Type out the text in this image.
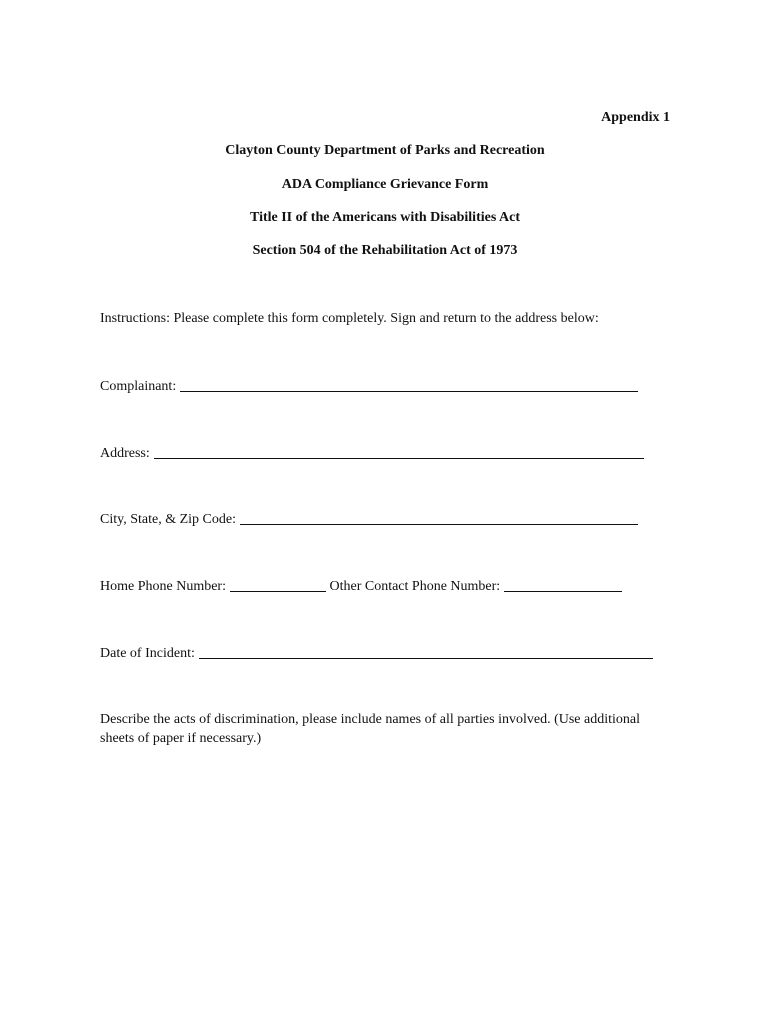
Appendix 1
Clayton County Department of Parks and Recreation
ADA Compliance Grievance Form
Title II of the Americans with Disabilities Act
Section 504 of the Rehabilitation Act of 1973
Instructions: Please complete this form completely. Sign and return to the address below:
Complainant:
Address:
City, State, & Zip Code:
Home Phone Number:	Other Contact Phone Number:
Date of Incident:
Describe the acts of discrimination, please include names of all parties involved. (Use additional sheets of paper if necessary.)
